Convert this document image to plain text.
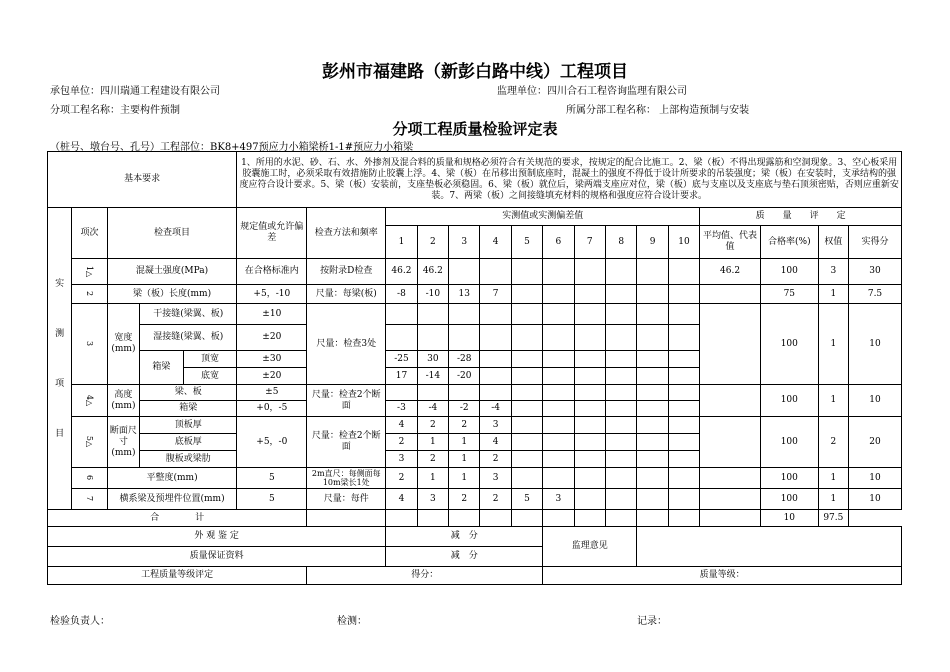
彭州市福建路（新彭白路中线）工程项目
承包单位：四川瑞通工程建设有限公司	监理单位：四川合石工程咨询监理有限公司
分项工程名称：主要构件预制	所属分部工程名称： 上部构造预制与安装
分项工程质量检验评定表
（桩号、墩台号、孔号）工程部位：BK8+497预应力小箱梁桥1-1#预应力小箱梁
基本要求					1、所用的水泥、砂、石、水、外掺剂及混合料的质量和规格必须符合有关规范的要求，按规定的配合比施工。2、梁（板）不得出现露筋和空洞现象。3、空心板采用胶囊施工时，必须采取有效措施防止胶囊上浮。4、梁（板）在吊移出预制底座时，混凝土的强度不得低于设计所要求的吊装强度；梁（板）在安装时，支承结构的强度应符合设计要求。5、梁（板）安装前，支座垫板必须稳固。6、梁（板）就位后，梁两端支座应对位，梁（板）底与支座以及支座底与垫石顶须密贴，否则应重新安装。7、两梁（板）之间接缝填充材料的规格和强度应符合设计要求。															
实
测
项
目	项次	检查项目			规定值或允许偏差	检查方法和频率	实测值或实测偏差值										质　　量　　评　　定			
							1	2	3	4	5	6	7	8	9	10	平均值、代表值	合格率(%)	权值	实得分
	1△	混凝土强度(MPa)			在合格标准内	按附录D检查	46.2	46.2									46.2	100	3	30
	2	梁（板）长度(mm)			+5，-10	尺量：每梁(板)	-8	-10	13	7								75	1	7.5
	3	宽度(mm)	干接缝(梁翼、板)		±10	尺量：检查3处												100	1	10
			湿接缝(梁翼、板)		±20															
			箱梁	顶宽	±30		-25	30	-28											
				底宽	±20		17	-14	-20											
	4△	高度(mm)	梁、板		±5	尺量：检查2个断面												100	1	10
			箱梁		+0，-5		-3	-4	-2	-4										
	5△	断面尺寸(mm)	顶板厚		+5，-0	尺量：检查2个断面	4	2	2	3								100	2	20
			底板厚				2	1	1	4										
			腹板或梁肋				3	2	1	2										
	6	平整度(mm)			5	2m直尺：每侧面每10m梁长1处	2	1	1	3								100	1	10
	7	横系梁及预埋件位置(mm)			5	尺量：每件	4	3	2	2	5	3						100	1	10
合　　　　计																		10	97.5	
外 观 鉴 定							减　分					监理意见								
质量保证资料							减　分													
工程质量等级评定						得分：						质量等级：								
检验负责人：	检测：	记录：
